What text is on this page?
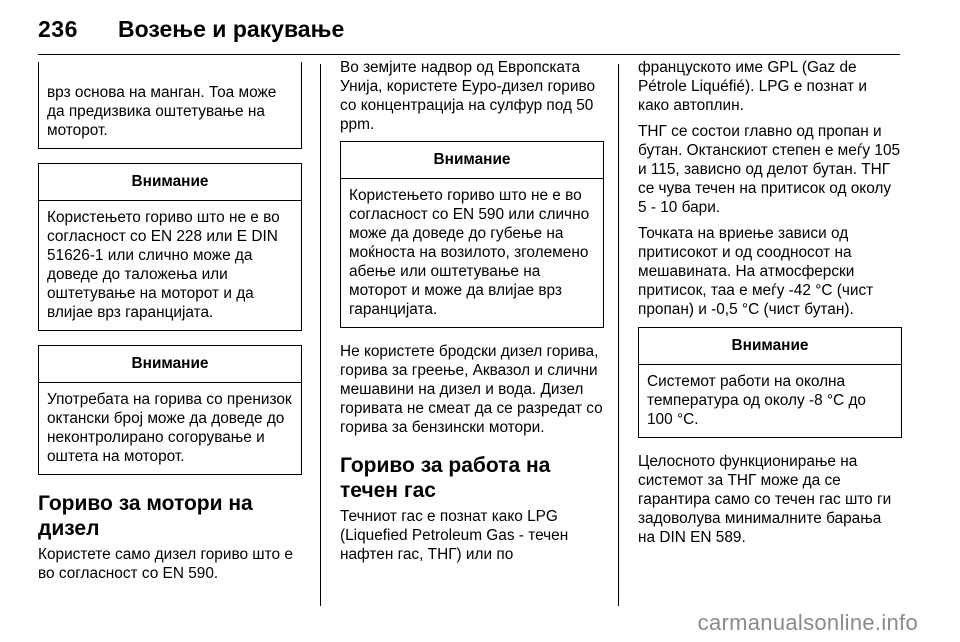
236 Возење и ракување
врз основа на манган. Тоа може да предизвика оштетување на моторот.
Внимание
Користењето гориво што не е во согласност со EN 228 или E DIN 51626-1 или слично може да доведе до таложења или оштетување на моторот и да влијае врз гаранцијата.
Внимание
Употребата на горива со пренизок октански број може да доведе до неконтролирано согорување и оштета на моторот.
Гориво за мотори на дизел

Користете само дизел гориво што е во согласност со EN 590.

Во земјите надвор од Европската Унија, користете Еуро-дизел гориво со концентрација на сулфур под 50 ppm.

Внимание
Користењето гориво што не е во согласност со EN 590 или слично може да доведе до губење на моќноста на возилото, зголемено абење или оштетување на моторот и може да влијае врз гаранцијата.

Не користете бродски дизел горива, горива за греење, Аквазол и слични мешавини на дизел и вода. Дизел горивата не смеат да се разредат со горива за бензински мотори.

Гориво за работа на течен гас

Течниот гас е познат како LPG (Liquefied Petroleum Gas - течен нафтен гас, ТНГ) или по

францускoто име GPL (Gaz de Pétrole Liquéfié). LPG е познат и како автоплин.

ТНГ се состои главно од пропан и бутан. Октанскиот степен е меѓу 105 и 115, зависно од делот бутан. ТНГ се чува течен на притисок од околу 5 - 10 бари.

Точката на вриење зависи од притисокот и од соодносот на мешавината. На атмосферски притисок, таа е меѓу -42 °C (чист пропан) и -0,5 °C (чист бутан).

Внимание
Системот работи на околна температура од околу -8 °C до 100 °C.

Целосното функционирање на системот за ТНГ може да се гарантира само со течен гас што ги задоволува минималните барања на DIN EN 589.

carmanualsonline.info
